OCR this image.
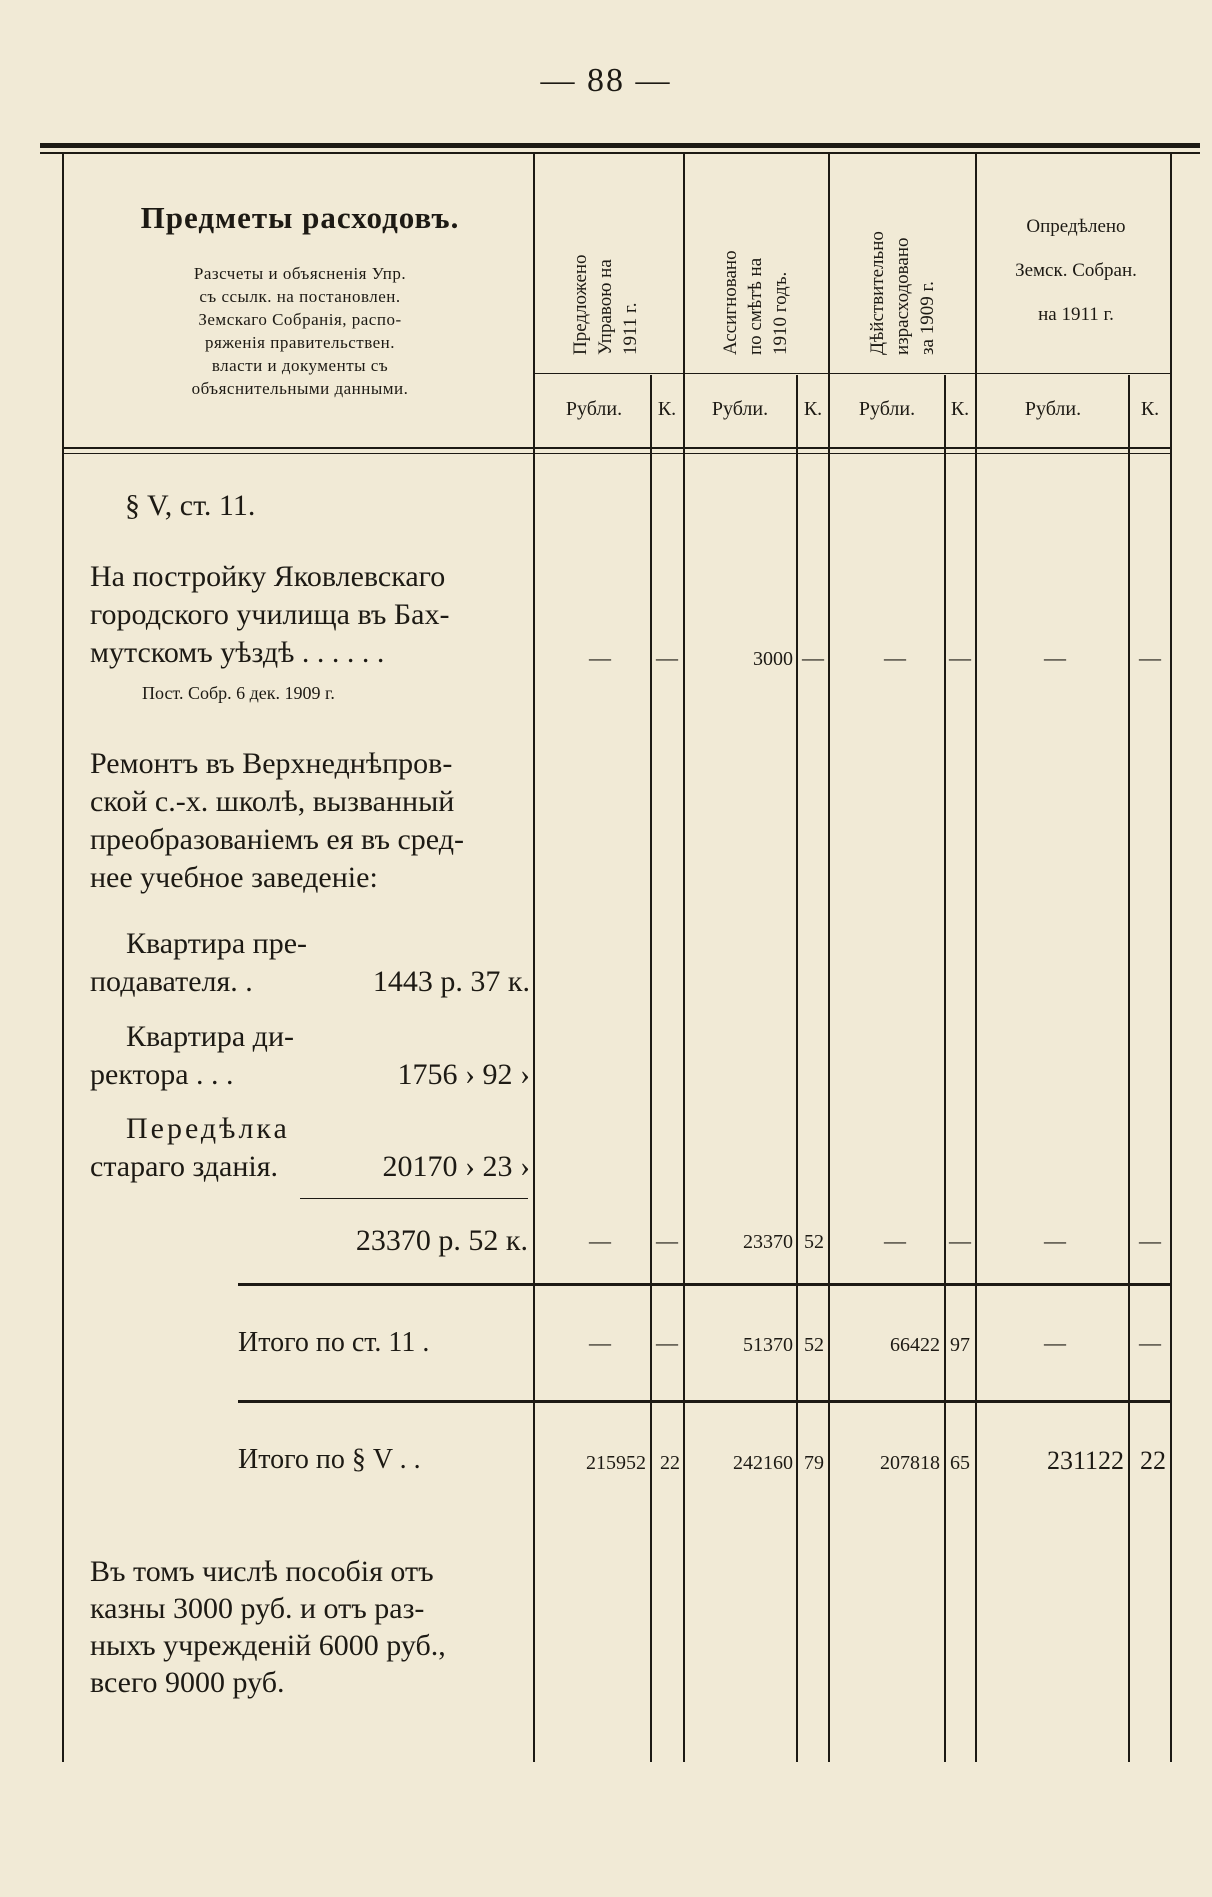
— 88 —
Предметы расходовъ.
Разсчеты и объясненія Упр.
съ ссылк. на постановлен.
Земскаго Собранія, распо-
ряженія правительствен.
власти и документы съ
объяснительными данными.
Предложено
Управою на
1911 г.	Ассигновано
по смѣтѣ на
1910 годъ.	Дѣйствительно
израсходовано
за 1909 г.
Опредѣлено
Земск. Собран.
на 1911 г.
Рубли.	К.	Рубли.	К.	Рубли.	К.	Рубли.	К.
§ V, ст. 11.
На постройку Яковлевскаго
городского училища въ Бах-
мутскомъ уѣздѣ . . . . . .
Пост. Собр. 6 дек. 1909 г.
—	—	3000 —	—	—	—	—
Ремонтъ въ Верхнеднѣпров-
ской с.-х. школѣ, вызванный
преобразованіемъ ея въ сред-
нее учебное заведеніе:
Квартира пре-
подавателя. .	1443 р. 37 к.
Квартира ди-
ректора . . .	1756 › 92 ›
Передѣлка
стараго зданія.	20170 › 23 ›
23370 р. 52 к.	—	—	23370 52	—	—	—	—
Итого по ст. 11 .	—	—	51370 52	66422 97	—	—
Итого по § V . .	215952 22	242160 79	207818 65	231122 22
Въ томъ числѣ пособія отъ
казны 3000 руб. и отъ раз-
ныхъ учрежденій 6000 руб.,
всего 9000 руб.
